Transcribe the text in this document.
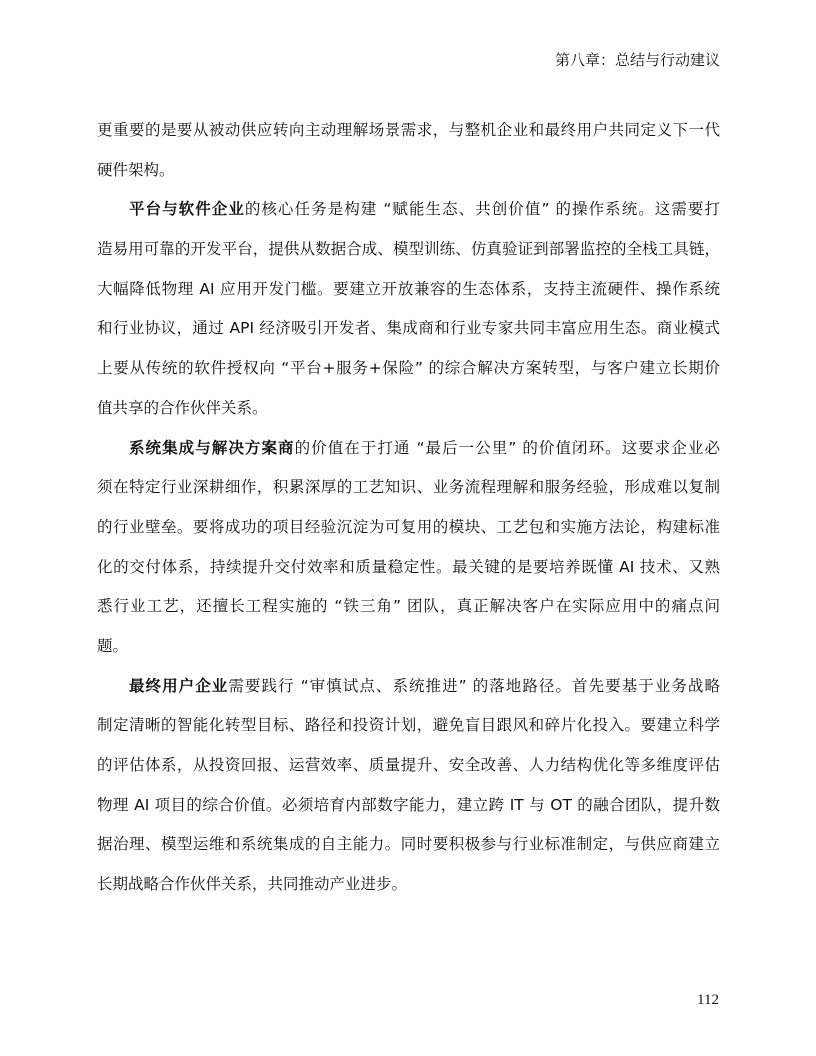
第八章：总结与行动建议
更重要的是要从被动供应转向主动理解场景需求，与整机企业和最终用户共同定义下一代
硬件架构。
平台与软件企业的核心任务是构建 “赋能生态、共创价值” 的操作系统。这需要打
造易用可靠的开发平台，提供从数据合成、模型训练、仿真验证到部署监控的全栈工具链，
大幅降低物理 AI 应用开发门槛。要建立开放兼容的生态体系，支持主流硬件、操作系统
和行业协议，通过 API 经济吸引开发者、集成商和行业专家共同丰富应用生态。商业模式
上要从传统的软件授权向 “平台+服务+保险” 的综合解决方案转型，与客户建立长期价
值共享的合作伙伴关系。
系统集成与解决方案商的价值在于打通 “最后一公里” 的价值闭环。这要求企业必
须在特定行业深耕细作，积累深厚的工艺知识、业务流程理解和服务经验，形成难以复制
的行业壁垒。要将成功的项目经验沉淀为可复用的模块、工艺包和实施方法论，构建标准
化的交付体系，持续提升交付效率和质量稳定性。最关键的是要培养既懂 AI 技术、又熟
悉行业工艺，还擅长工程实施的 “铁三角” 团队，真正解决客户在实际应用中的痛点问
题。
最终用户企业需要践行 “审慎试点、系统推进” 的落地路径。首先要基于业务战略
制定清晰的智能化转型目标、路径和投资计划，避免盲目跟风和碎片化投入。要建立科学
的评估体系，从投资回报、运营效率、质量提升、安全改善、人力结构优化等多维度评估
物理 AI 项目的综合价值。必须培育内部数字能力，建立跨 IT 与 OT 的融合团队，提升数
据治理、模型运维和系统集成的自主能力。同时要积极参与行业标准制定，与供应商建立
长期战略合作伙伴关系，共同推动产业进步。
112
